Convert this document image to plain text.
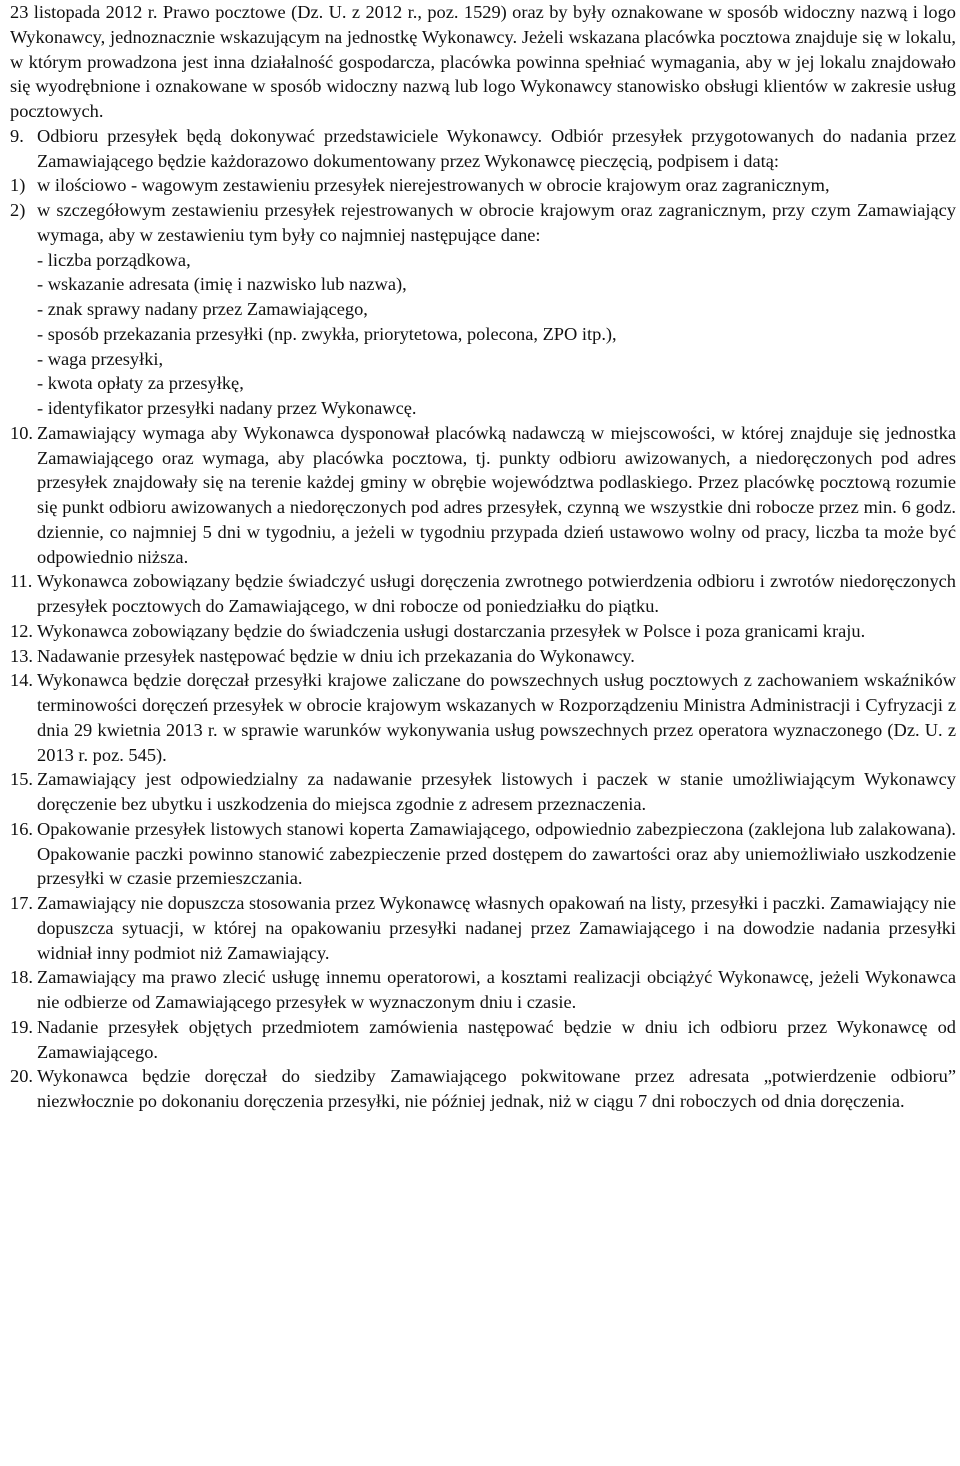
23 listopada 2012 r. Prawo pocztowe (Dz. U. z 2012 r., poz. 1529) oraz by były oznakowane w sposób widoczny nazwą i logo Wykonawcy, jednoznacznie wskazującym na jednostkę Wykonawcy. Jeżeli wskazana placówka pocztowa znajduje się w lokalu, w którym prowadzona jest inna działalność gospodarcza, placówka powinna spełniać wymagania, aby w jej lokalu znajdowało się wyodrębnione i oznakowane w sposób widoczny nazwą lub logo Wykonawcy stanowisko obsługi klientów w zakresie usług pocztowych.

9. Odbioru przesyłek będą dokonywać przedstawiciele Wykonawcy. Odbiór przesyłek przygotowanych do nadania przez Zamawiającego będzie każdorazowo dokumentowany przez Wykonawcę pieczęcią, podpisem i datą:
1) w ilościowo - wagowym zestawieniu przesyłek nierejestrowanych w obrocie krajowym oraz zagranicznym,
2) w szczegółowym zestawieniu przesyłek rejestrowanych w obrocie krajowym oraz zagranicznym, przy czym Zamawiający wymaga, aby w zestawieniu tym były co najmniej następujące dane:
- liczba porządkowa,
- wskazanie adresata (imię i nazwisko lub nazwa),
- znak sprawy nadany przez Zamawiającego,
- sposób przekazania przesyłki (np. zwykła, priorytetowa, polecona, ZPO itp.),
- waga przesyłki,
- kwota opłaty za przesyłkę,
- identyfikator przesyłki nadany przez Wykonawcę.
10. Zamawiający wymaga aby Wykonawca dysponował placówką nadawczą w miejscowości, w której znajduje się jednostka Zamawiającego oraz wymaga, aby placówka pocztowa, tj. punkty odbioru awizowanych, a niedoręczonych pod adres przesyłek znajdowały się na terenie każdej gminy w obrębie województwa podlaskiego. Przez placówkę pocztową rozumie się punkt odbioru awizowanych a niedoręczonych pod adres przesyłek, czynną we wszystkie dni robocze przez min. 6 godz. dziennie, co najmniej 5 dni w tygodniu, a jeżeli w tygodniu przypada dzień ustawowo wolny od pracy, liczba ta może być odpowiednio niższa.
11. Wykonawca zobowiązany będzie świadczyć usługi doręczenia zwrotnego potwierdzenia odbioru i zwrotów niedoręczonych przesyłek pocztowych do Zamawiającego, w dni robocze od poniedziałku do piątku.
12. Wykonawca zobowiązany będzie do świadczenia usługi dostarczania przesyłek w Polsce i poza granicami kraju.
13. Nadawanie przesyłek następować będzie w dniu ich przekazania do Wykonawcy.
14. Wykonawca będzie doręczał przesyłki krajowe zaliczane do powszechnych usług pocztowych z zachowaniem wskaźników terminowości doręczeń przesyłek w obrocie krajowym wskazanych w Rozporządzeniu Ministra Administracji i Cyfryzacji z dnia 29 kwietnia 2013 r. w sprawie warunków wykonywania usług powszechnych przez operatora wyznaczonego (Dz. U. z 2013 r. poz. 545).
15. Zamawiający jest odpowiedzialny za nadawanie przesyłek listowych i paczek w stanie umożliwiającym Wykonawcy doręczenie bez ubytku i uszkodzenia do miejsca zgodnie z adresem przeznaczenia.
16. Opakowanie przesyłek listowych stanowi koperta Zamawiającego, odpowiednio zabezpieczona (zaklejona lub zalakowana). Opakowanie paczki powinno stanowić zabezpieczenie przed dostępem do zawartości oraz aby uniemożliwiało uszkodzenie przesyłki w czasie przemieszczania.
17. Zamawiający nie dopuszcza stosowania przez Wykonawcę własnych opakowań na listy, przesyłki i paczki. Zamawiający nie dopuszcza sytuacji, w której na opakowaniu przesyłki nadanej przez Zamawiającego i na dowodzie nadania przesyłki widniał inny podmiot niż Zamawiający.
18. Zamawiający ma prawo zlecić usługę innemu operatorowi, a kosztami realizacji obciążyć Wykonawcę, jeżeli Wykonawca nie odbierze od Zamawiającego przesyłek w wyznaczonym dniu i czasie.
19. Nadanie przesyłek objętych przedmiotem zamówienia następować będzie w dniu ich odbioru przez Wykonawcę od Zamawiającego.
20. Wykonawca będzie doręczał do siedziby Zamawiającego pokwitowane przez adresata „potwierdzenie odbioru” niezwłocznie po dokonaniu doręczenia przesyłki, nie później jednak, niż w ciągu 7 dni roboczych od dnia doręczenia.
